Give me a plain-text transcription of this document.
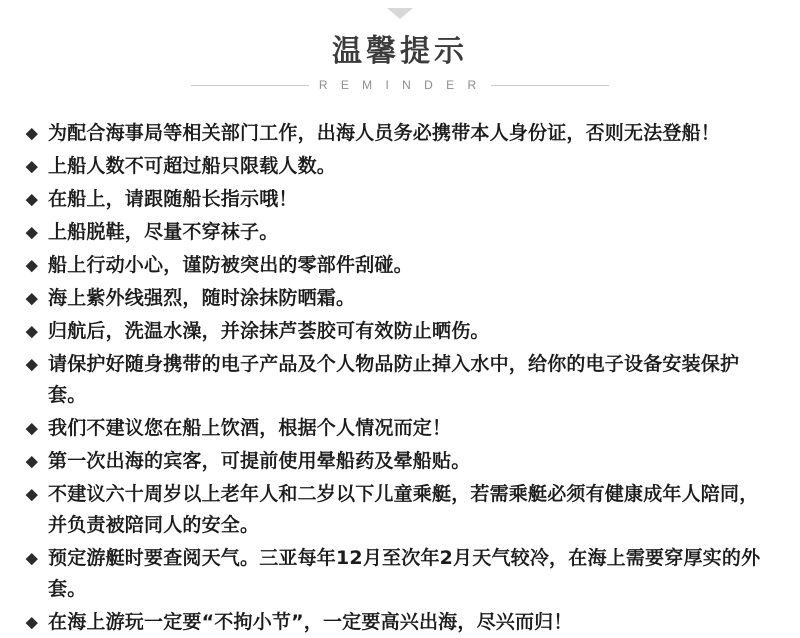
温馨提示
R E M I N D E R
◆ 为配合海事局等相关部门工作，出海人员务必携带本人身份证，否则无法登船！
◆ 上船人数不可超过船只限载人数。
◆ 在船上，请跟随船长指示哦！
◆ 上船脱鞋，尽量不穿袜子。
◆ 船上行动小心，谨防被突出的零部件刮碰。
◆ 海上紫外线强烈，随时涂抹防晒霜。
◆ 归航后，洗温水澡，并涂抹芦荟胶可有效防止晒伤。
◆ 请保护好随身携带的电子产品及个人物品防止掉入水中，给你的电子设备安装保护套。
◆ 我们不建议您在船上饮酒，根据个人情况而定！
◆ 第一次出海的宾客，可提前使用晕船药及晕船贴。
◆ 不建议六十周岁以上老年人和二岁以下儿童乘艇，若需乘艇必须有健康成年人陪同，并负责被陪同人的安全。
◆ 预定游艇时要查阅天气。三亚每年12月至次年2月天气较冷，在海上需要穿厚实的外套。
◆ 在海上游玩一定要“不拘小节”，一定要高兴出海，尽兴而归！
